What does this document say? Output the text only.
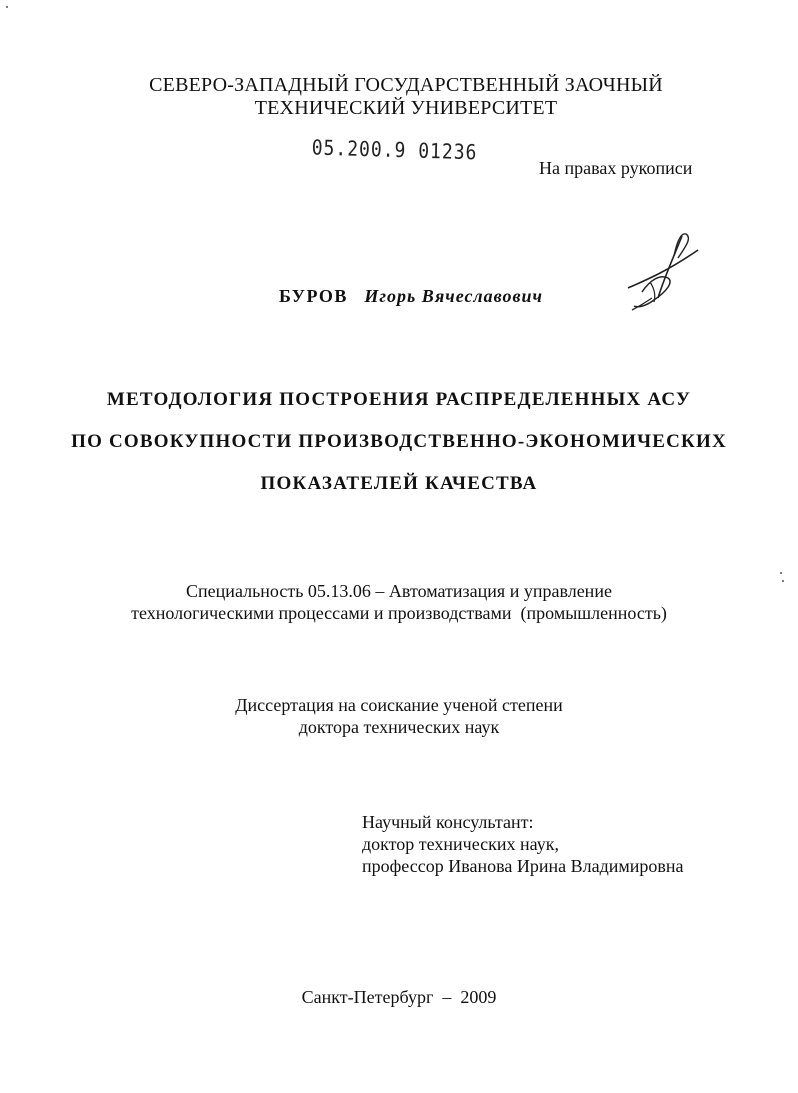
СЕВЕРО-ЗАПАДНЫЙ ГОСУДАРСТВЕННЫЙ ЗАОЧНЫЙ
ТЕХНИЧЕСКИЙ УНИВЕРСИТЕТ
05.200.9 01236
На правах рукописи
БУРОВ Игорь Вячеславович
МЕТОДОЛОГИЯ ПОСТРОЕНИЯ РАСПРЕДЕЛЕННЫХ АСУ
ПО СОВОКУПНОСТИ ПРОИЗВОДСТВЕННО-ЭКОНОМИЧЕСКИХ
ПОКАЗАТЕЛЕЙ КАЧЕСТВА
Специальность 05.13.06 – Автоматизация и управление
технологическими процессами и производствами  (промышленность)
Диссертация на соискание ученой степени
доктора технических наук
Научный консультант:
доктор технических наук,
профессор Иванова Ирина Владимировна
Санкт-Петербург  –  2009
